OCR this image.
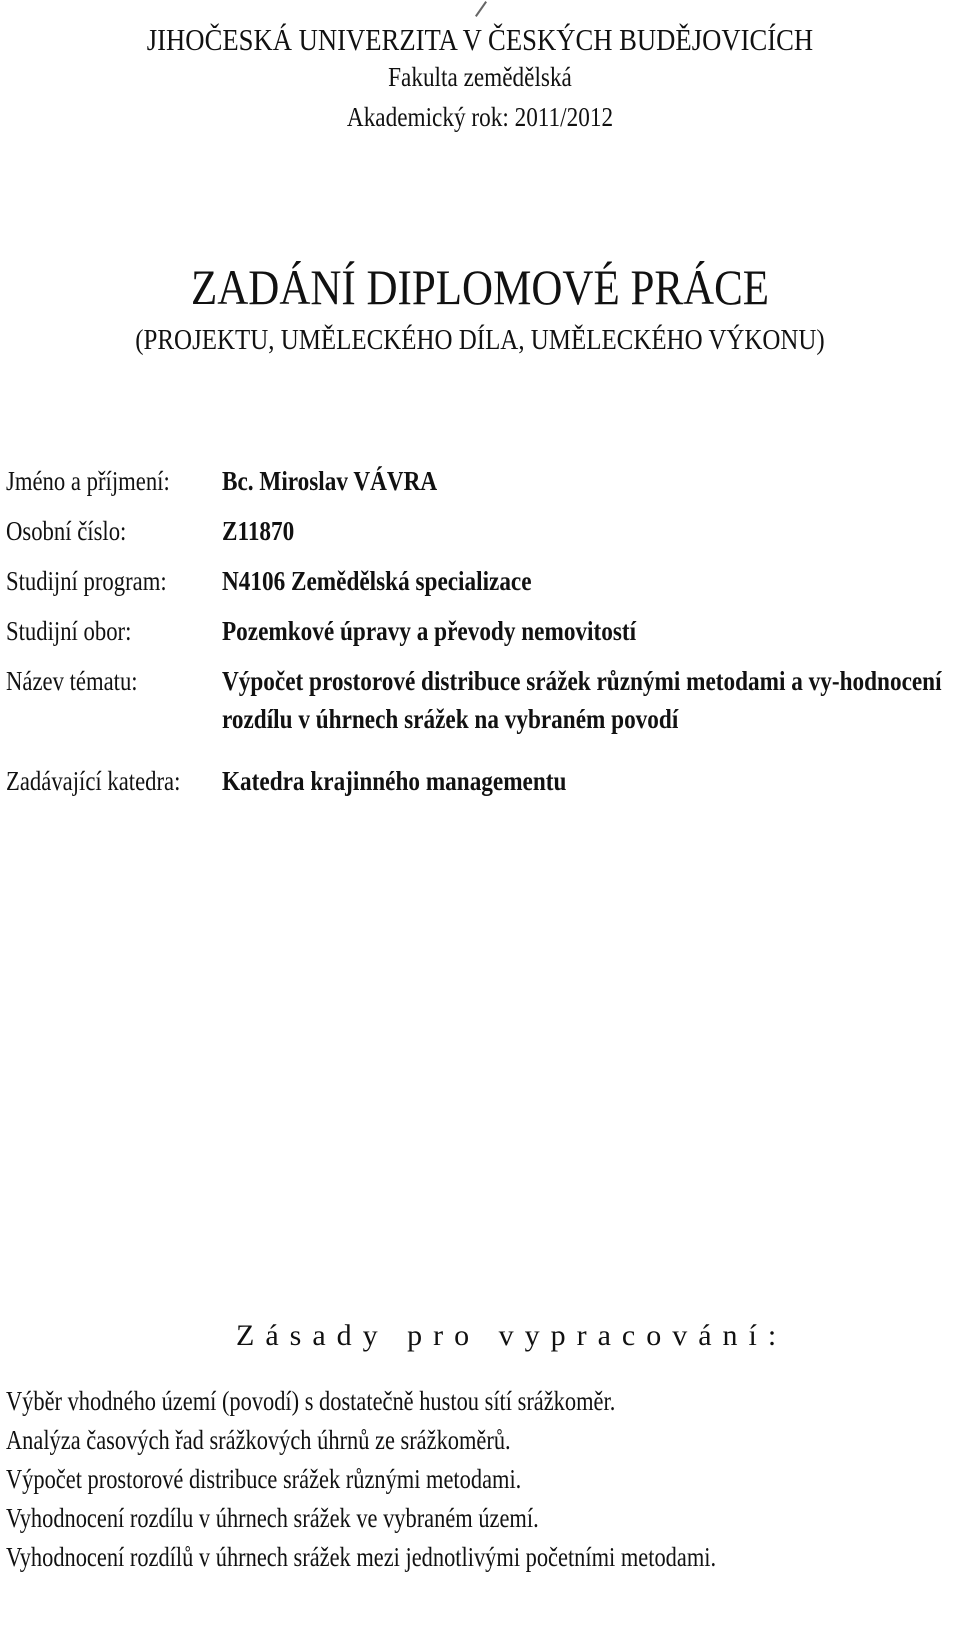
JIHOČESKÁ UNIVERZITA V ČESKÝCH BUDĚJOVICÍCH
Fakulta zemědělská
Akademický rok: 2011/2012
ZADÁNÍ DIPLOMOVÉ PRÁCE
(PROJEKTU, UMĚLECKÉHO DÍLA, UMĚLECKÉHO VÝKONU)
Jméno a příjmení:	Bc. Miroslav VÁVRA
Osobní číslo:	Z11870
Studijní program:	N4106 Zemědělská specializace
Studijní obor:	Pozemkové úpravy a převody nemovitostí
Název tématu:	Výpočet prostorové distribuce srážek různými metodami a vy-hodnocení rozdílu v úhrnech srážek na vybraném povodí
Zadávající katedra: Katedra krajinného managementu
Zásady pro vypracování:
Výběr vhodného území (povodí) s dostatečně hustou sítí srážkoměr.
Analýza časových řad srážkových úhrnů ze srážkoměrů.
Výpočet prostorové distribuce srážek různými metodami.
Vyhodnocení rozdílu v úhrnech srážek ve vybraném území.
Vyhodnocení rozdílů v úhrnech srážek mezi jednotlivými početními metodami.
